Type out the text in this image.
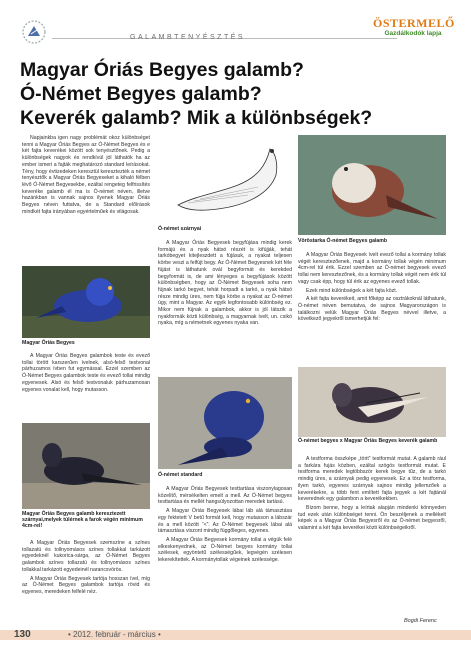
GALAMBTENYÉSZTÉS
ÖSTERMELŐ
Gazdálkodók lapja
Magyar Óriás Begyes galamb?
Ó-Német Begyes galamb?
Keverék galamb? Mik a különbségek?

Napjainkba igen nagy problémát okoz különbséget tenni a Magyar Óriás Begyes az Ó-Német Begyes és e két fajta keverékei között sok tenyésztőnek. Pedig a különbségek nagyok és rendkívül jól láthatók ha az ember ismeri a fajták meghatározó standard leírásokat. Tény, hogy évtizedeken keresztül keresztezték a német tenyésztők a Magyar Óriás Begyeseket a kihaló félben lévő Ó-Német Begyesekbe, ezáltal rengeteg felfrissítés keveréke galamb él ma is Ó-német néven, illetve hazánkban is vannak sajnos ilyenek Magyar Óriás Begyes néven futtatva, de a Standard előírások mindkét fajta irányában egyértelműek és világosak.

Magyar Óriás Begyes

A Magyar Óriás Begyes galambok teste és evező tollai törött karszerűen ívelnek, alsó-felső testvonal párhuzamos ívben fut egymással. Ezzel szemben az Ó-Német Begyes galambok teste és evező tollai mindig egyenesek. Alsó és felső testvonaluk párhuzamosan egyenes vonalat kell, hogy mutasson.

Magyar Óriás Begyes galamb keresztezett szárnyai,melyek túlérnek a farok végén minimum 4cm-rel!

A Magyar Óriás Begyesek szemszíne a színes tollazatú és tollnyomásos színes tollakkal tarkázott egyedeknél kukorica-sárga, az Ó-Német Begyes galambok színes tollazatú és tollnyomásos színes tollakkal tarkázott egyedeinél narancsvörös.

A Magyar Óriás Begyesek tartója hosszan ível, míg az Ó-Német Begyes galambok tartója rövid és egyenes, meredeken felfelé néz.

Ó-német szárnyai

A Magyar Óriás Begyesek begyfújása mindig kerek formájú és a nyak hátsó részét is kifújják, tehát tarkóbegyet kitejleszdett a fújásuk, a nyakat teljesen körbe veszi a felfújt begy. Az Ó-Német Begyesnek két féle fújást is láthatunk ovál begyformát és kerekded begyformát is, de ami lényeges a begyfújások között különbségben, hogy az Ó-Német Begyesek soha nem fújnak tarkó begyet, tehát horpadt a tarkó, a nyak hátsó része mindig üres, nem fújja körbe a nyakat az Ó-német úgy, mint a Magyar. Az egyik legfontosabb különbség ez. Mikor nem fújnak a galambok, akkor is jól látszik a nyakformák közti különbség, a magyarnak ívelt, un. csikó nyaka, míg a németnek egyenes nyaka van.

Ó-német standard

A Magyar Óriás Begyesek testtartása viszonylagosan közelítő, mérsékelten emelt a mell. Az Ó-Német begyes testtartása és mellét hangsúlyozottan meredek tartású.

A Magyar Óriás Begyesek lábai láb alá támasztása egy fektetett V betű formát kell, hogy mutasson a lábszár és a mell között “<”. Az Ó-Német begyesek lábai alá támasztása viszont mindig függőleges, egyenes.

A Magyar Óriás Begyesek kormány tollai a végük felé elkeskenyednek, az Ó-Német begyes kormány tollai szélesek, egyöntetű szélességűek, legvégén szélesen lekerekítettek. A kormánytollak végeinek szélessége.

Vöröstarka Ó-német Begyes galamb

A Magyar Óriás Begyesek ívelt evező tollai a kormány tollak végét keresztezőenek, majd a kormány tollak végén minimum 4cm-rel túl érik. Ezzel szemben az Ó-német begyesek evező tollai nem keresztezőnek, és a kormány tollak végét nem érik túl vagy csak épp, hogy túl érik az egyenes evező tollak.

Ezek mind különbségek a két fajta közt.

A két fajta keverékeit, amit főképp az osztrákoknál láthatunk, Ó-német néven bemutatva, de sajnos Magyarországon is találkozni velük Magyar Óriás Begyes névvel illetve, a következő jegyekről ismerhetjük fel:

Ó-német begyes x Magyar Óriás Begyes keverék galamb

A testforma összképe „törit” testformát mutat. A galamb rául a farkára fujás közben, ezáltal szögös testformát mutat. E testforma meredek legtöbbször kerek begye tűz, de a tarkó mindig üres, a szárnyak pedig egyenesek. Ez a törz testforma, ilyen tarkó, egyenes szárnyak sajnos mindig jellemzőek a keverékekre, a több fent említett fajta jegyek a két fajtánál keverednek egy galambon a keverékekben.

Bízom benne, hogy a leírtak alapján mindenki könnyeden tud ezek után különbséget tenni. Ön beszéljenek a mellékelt képek a a Magyar Óriás Begyesről és az Ó-német begyesről, valamint a két fajta keverékei közti különbségeikről.

Bogdi Ferenc
130	• 2012. február - március •
